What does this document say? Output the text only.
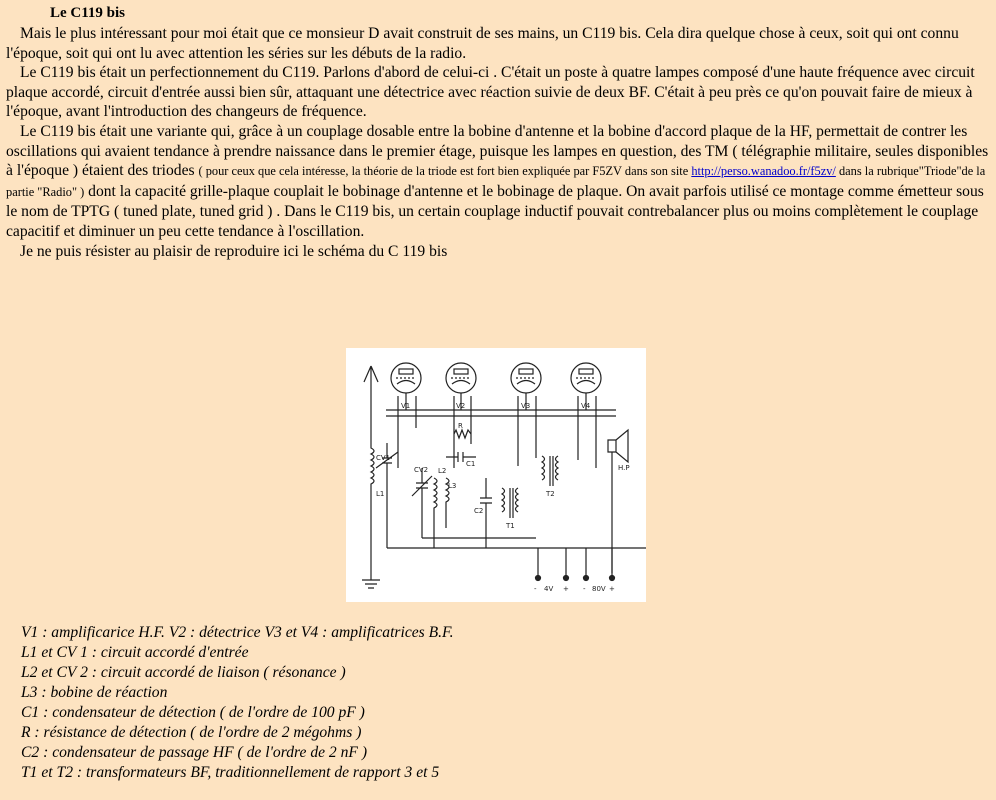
Le C119 bis

Mais le plus intéressant pour moi était que ce monsieur D avait construit de ses mains, un C119 bis. Cela dira quelque chose à ceux, soit qui ont connu l'époque, soit qui ont lu avec attention les séries sur les débuts de la radio.

Le C119 bis était un perfectionnement du C119. Parlons d'abord de celui-ci . C'était un poste à quatre lampes composé d'une haute fréquence avec circuit plaque accordé, circuit d'entrée aussi bien sûr, attaquant une détectrice avec réaction suivie de deux BF. C'était à peu près ce qu'on pouvait faire de mieux à l'époque, avant l'introduction des changeurs de fréquence.

Le C119 bis était une variante qui, grâce à un couplage dosable entre la bobine d'antenne et la bobine d'accord plaque de la HF, permettait de contrer les oscillations qui avaient tendance à prendre naissance dans le premier étage, puisque les lampes en question, des TM ( télégraphie militaire, seules disponibles à l'époque ) étaient des triodes ( pour ceux que cela intéresse, la théorie de la triode est fort bien expliquée par F5ZV dans son site http://perso.wanadoo.fr/f5zv/ dans la rubrique"Triode"de la partie "Radio" ) dont la capacité grille-plaque couplait le bobinage d'antenne et le bobinage de plaque. On avait parfois utilisé ce montage comme émetteur sous le nom de TPTG ( tuned plate, tuned grid ) . Dans le C119 bis, un certain couplage inductif pouvait contrebalancer plus ou moins complètement le couplage capacitif et diminuer un peu cette tendance à l'oscillation.

Je ne puis résister au plaisir de reproduire ici le schéma du C 119 bis

V1	V2	V3	V4
CV1
L1
L2
L3
CV2
R
C1
C2
T1
T2
H.P
- 4V + - 80V +
V1 : amplificarice H.F. V2 : détectrice V3 et V4 : amplificatrices B.F.
L1 et CV 1 : circuit accordé d'entrée
L2 et CV 2 : circuit accordé de liaison ( résonance )
L3 : bobine de réaction
C1 : condensateur de détection ( de l'ordre de 100 pF )
R : résistance de détection ( de l'ordre de 2 mégohms )
C2 : condensateur de passage HF ( de l'ordre de 2 nF )
T1 et T2 : transformateurs BF, traditionnellement de rapport 3 et 5
